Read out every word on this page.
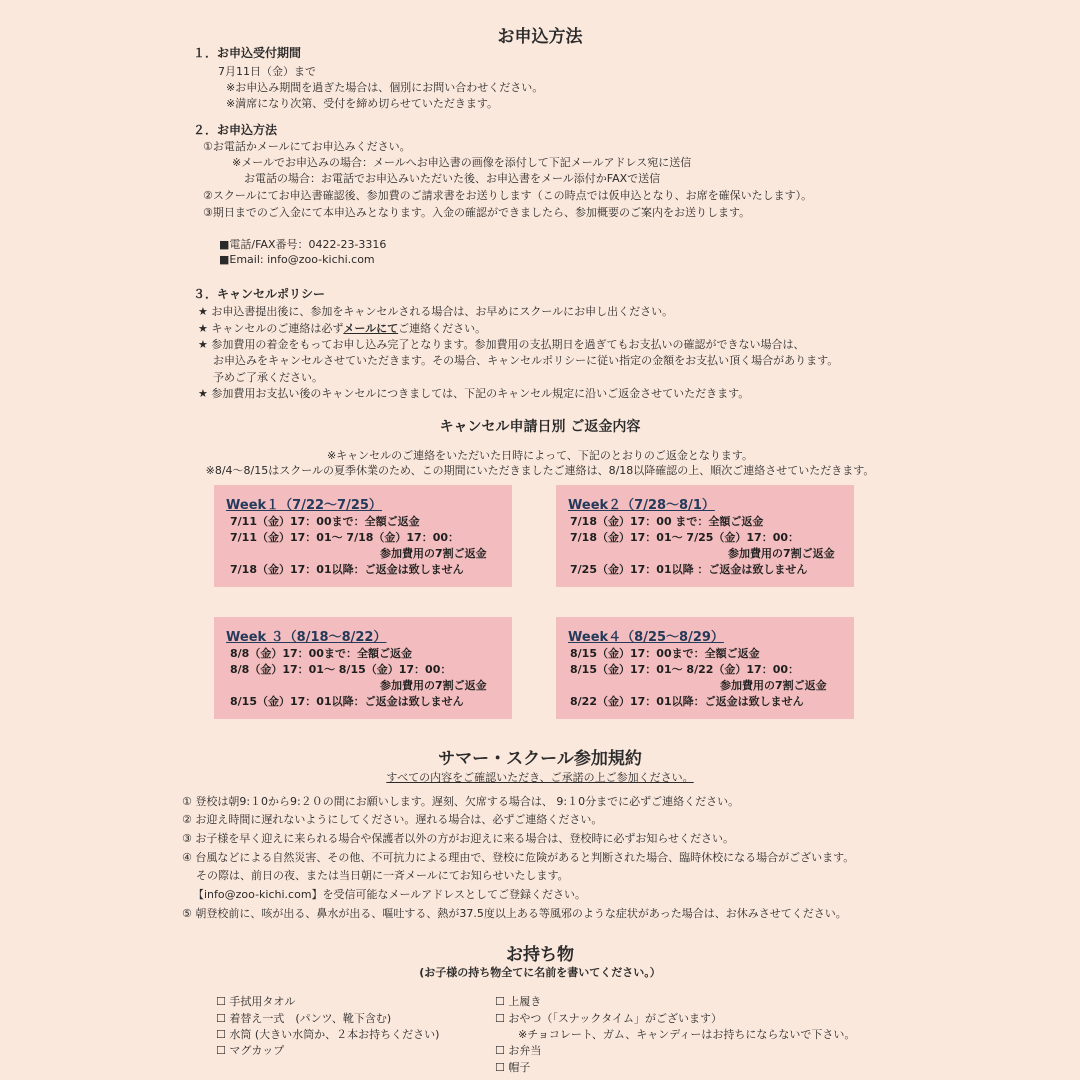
お申込方法
１．お申込受付期間
7月11日（金）まで
※お申込み期間を過ぎた場合は、個別にお問い合わせください。
※満席になり次第、受付を締め切らせていただきます。
２．お申込方法
①お電話かメールにてお申込みください。
※メールでお申込みの場合：メールへお申込書の画像を添付して下記メールアドレス宛に送信
お電話の場合：お電話でお申込みいただいた後、お申込書をメール添付かFAXで送信
②スクールにてお申込書確認後、参加費のご請求書をお送りします（この時点では仮申込となり、お席を確保いたします）。
③期日までのご入金にて本申込みとなります。入金の確認ができましたら、参加概要のご案内をお送りします。
■電話/FAX番号：0422-23-3316
■Email: info@zoo-kichi.com
３．キャンセルポリシー
★ お申込書提出後に、参加をキャンセルされる場合は、お早めにスクールにお申し出ください。
★ キャンセルのご連絡は必ずメールにてご連絡ください。
★ 参加費用の着金をもってお申し込み完了となります。参加費用の支払期日を過ぎてもお支払いの確認ができない場合は、
お申込みをキャンセルさせていただきます。その場合、キャンセルポリシーに従い指定の金額をお支払い頂く場合があります。
予めご了承ください。
★ 参加費用お支払い後のキャンセルにつきましては、下記のキャンセル規定に沿いご返金させていただきます。
キャンセル申請日別 ご返金内容
※キャンセルのご連絡をいただいた日時によって、下記のとおりのご返金となります。
※8/4〜8/15はスクールの夏季休業のため、この期間にいただきましたご連絡は、8/18以降確認の上、順次ご連絡させていただきます。
Week１（7/22〜7/25）
7/11（金）17：00まで：全額ご返金
7/11（金）17：01〜 7/18（金）17：00：
参加費用の7割ご返金
7/18（金）17：01以降：ご返金は致しません
Week２（7/28〜8/1）
7/18（金）17：00 まで：全額ご返金
7/18（金）17：01〜 7/25（金）17：00：
参加費用の7割ご返金
7/25（金）17：01以降 ：ご返金は致しません
Week ３（8/18〜8/22）
8/8（金）17：00まで：全額ご返金
8/8（金）17：01〜 8/15（金）17：00：
参加費用の7割ご返金
8/15（金）17：01以降：ご返金は致しません
Week４（8/25〜8/29）
8/15（金）17：00まで：全額ご返金
8/15（金）17：01〜 8/22（金）17：00：
参加費用の7割ご返金
8/22（金）17：01以降：ご返金は致しません
サマー・スクール参加規約
すべての内容をご確認いただき、ご承諾の上ご参加ください。
① 登校は朝9:１0から9:２０の間にお願いします。遅刻、欠席する場合は、 9:１0分までに必ずご連絡ください。
② お迎え時間に遅れないようにしてください。遅れる場合は、必ずご連絡ください。
③ お子様を早く迎えに来られる場合や保護者以外の方がお迎えに来る場合は、登校時に必ずお知らせください。
④ 台風などによる自然災害、その他、不可抗力による理由で、登校に危険があると判断された場合、臨時休校になる場合がございます。
その際は、前日の夜、または当日朝に一斉メールにてお知らせいたします。
【info@zoo-kichi.com】を受信可能なメールアドレスとしてご登録ください。
⑤ 朝登校前に、咳が出る、鼻水が出る、嘔吐する、熱が37.5度以上ある等風邪のような症状があった場合は、お休みさせてください。
お持ち物
(お子様の持ち物全てに名前を書いてください。）
☐ 手拭用タオル
☐ 着替え一式　(パンツ、靴下含む)
☐ 水筒 (大きい水筒か、２本お持ちください)
☐ マグカップ
☐ 上履き
☐ おやつ（「スナックタイム」がございます）
※チョコレート、ガム、キャンディーはお持ちにならないで下さい。
☐ お弁当
☐ 帽子
